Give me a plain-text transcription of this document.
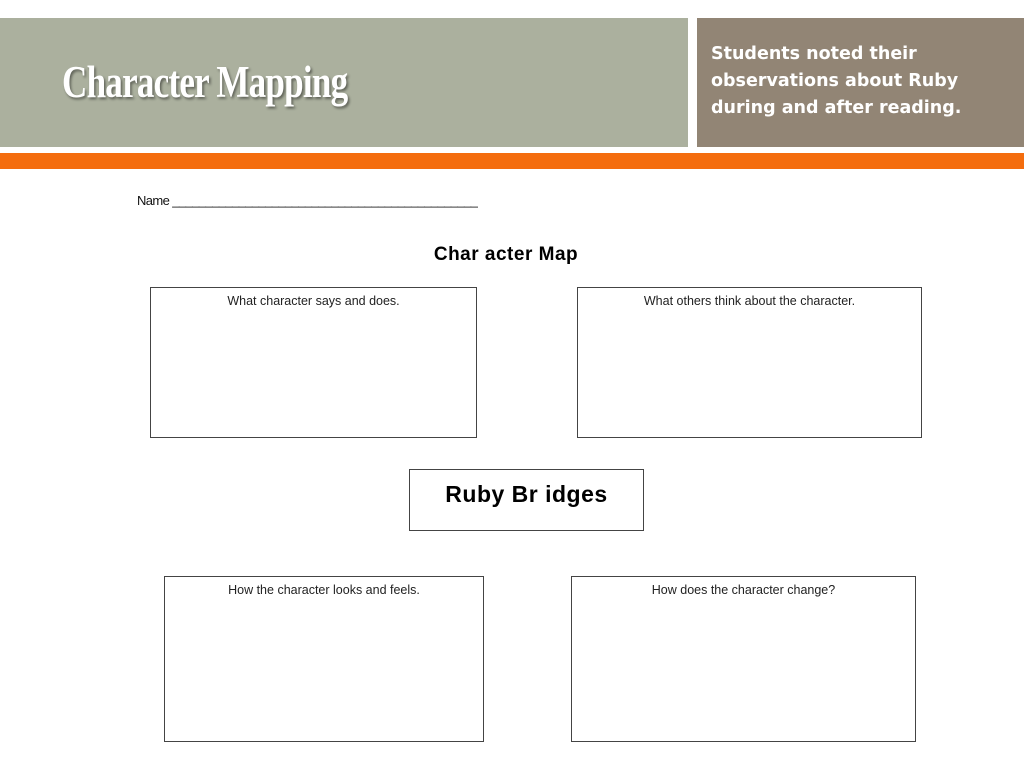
Character Mapping

Students noted their observations about Ruby during and after reading.

Name ______________________________________________
Char acter Map
What character says and does.	What others think about the character.
Ruby Br idges
How the character looks and feels.	How does the character change?
